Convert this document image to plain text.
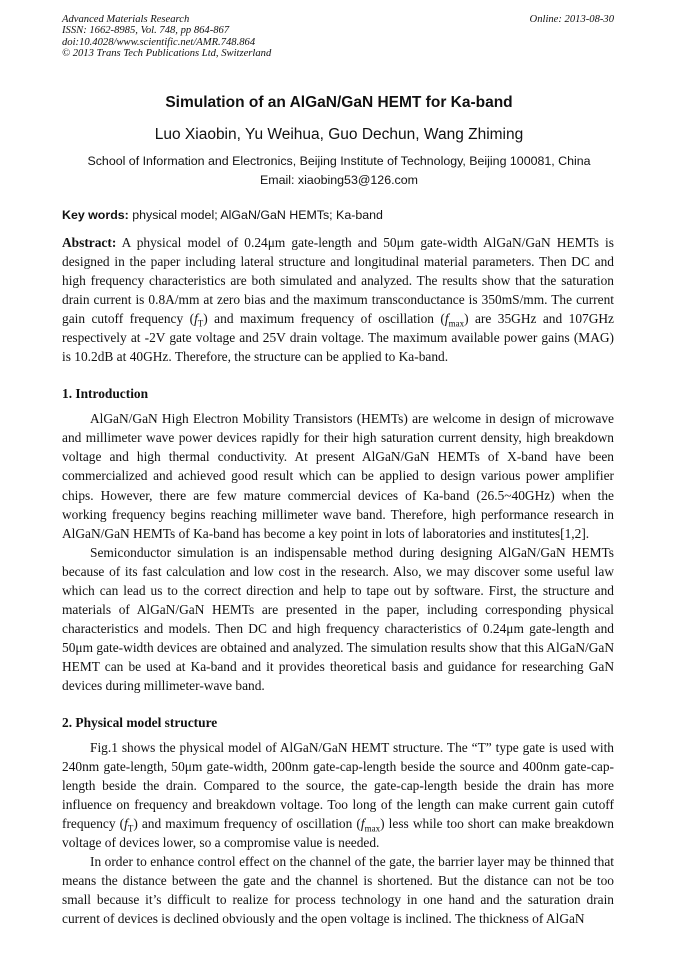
Advanced Materials Research
ISSN: 1662-8985, Vol. 748, pp 864-867
doi:10.4028/www.scientific.net/AMR.748.864
© 2013 Trans Tech Publications Ltd, Switzerland
Online: 2013-08-30
Simulation of an AlGaN/GaN HEMT for Ka-band
Luo Xiaobin, Yu Weihua, Guo Dechun, Wang Zhiming
School of Information and Electronics, Beijing Institute of Technology, Beijing 100081, China
Email: xiaobing53@126.com
Key words: physical model; AlGaN/GaN HEMTs; Ka-band

Abstract: A physical model of 0.24μm gate-length and 50μm gate-width AlGaN/GaN HEMTs is designed in the paper including lateral structure and longitudinal material parameters. Then DC and high frequency characteristics are both simulated and analyzed. The results show that the saturation drain current is 0.8A/mm at zero bias and the maximum transconductance is 350mS/mm. The current gain cutoff frequency $(f_T)$ and maximum frequency of oscillation $(f_{max})$ are 35GHz and 107GHz respectively at -2V gate voltage and 25V drain voltage. The maximum available power gains (MAG) is 10.2dB at 40GHz. Therefore, the structure can be applied to Ka-band.

1. Introduction

AlGaN/GaN High Electron Mobility Transistors (HEMTs) are welcome in design of microwave and millimeter wave power devices rapidly for their high saturation current density, high breakdown voltage and high thermal conductivity. At present AlGaN/GaN HEMTs of X-band have been commercialized and achieved good result which can be applied to design various power amplifier chips. However, there are few mature commercial devices of Ka-band (26.5~40GHz) when the working frequency begins reaching millimeter wave band. Therefore, high performance research in AlGaN/GaN HEMTs of Ka-band has become a key point in lots of laboratories and institutes[1,2].

Semiconductor simulation is an indispensable method during designing AlGaN/GaN HEMTs because of its fast calculation and low cost in the research. Also, we may discover some useful law which can lead us to the correct direction and help to tape out by software. First, the structure and materials of AlGaN/GaN HEMTs are presented in the paper, including corresponding physical characteristics and models. Then DC and high frequency characteristics of 0.24μm gate-length and 50μm gate-width devices are obtained and analyzed. The simulation results show that this AlGaN/GaN HEMT can be used at Ka-band and it provides theoretical basis and guidance for researching GaN devices during millimeter-wave band.

2. Physical model structure

Fig.1 shows the physical model of AlGaN/GaN HEMT structure. The “T” type gate is used with 240nm gate-length, 50μm gate-width, 200nm gate-cap-length beside the source and 400nm gate-cap-length beside the drain. Compared to the source, the gate-cap-length beside the drain has more influence on frequency and breakdown voltage. Too long of the length can make current gain cutoff frequency $(f_T)$ and maximum frequency of oscillation $(f_{max})$ less while too short can make breakdown voltage of devices lower, so a compromise value is needed.

In order to enhance control effect on the channel of the gate, the barrier layer may be thinned that means the distance between the gate and the channel is shortened. But the distance can not be too small because it’s difficult to realize for process technology in one hand and the saturation drain current of devices is declined obviously and the open voltage is inclined. The thickness of AlGaN
